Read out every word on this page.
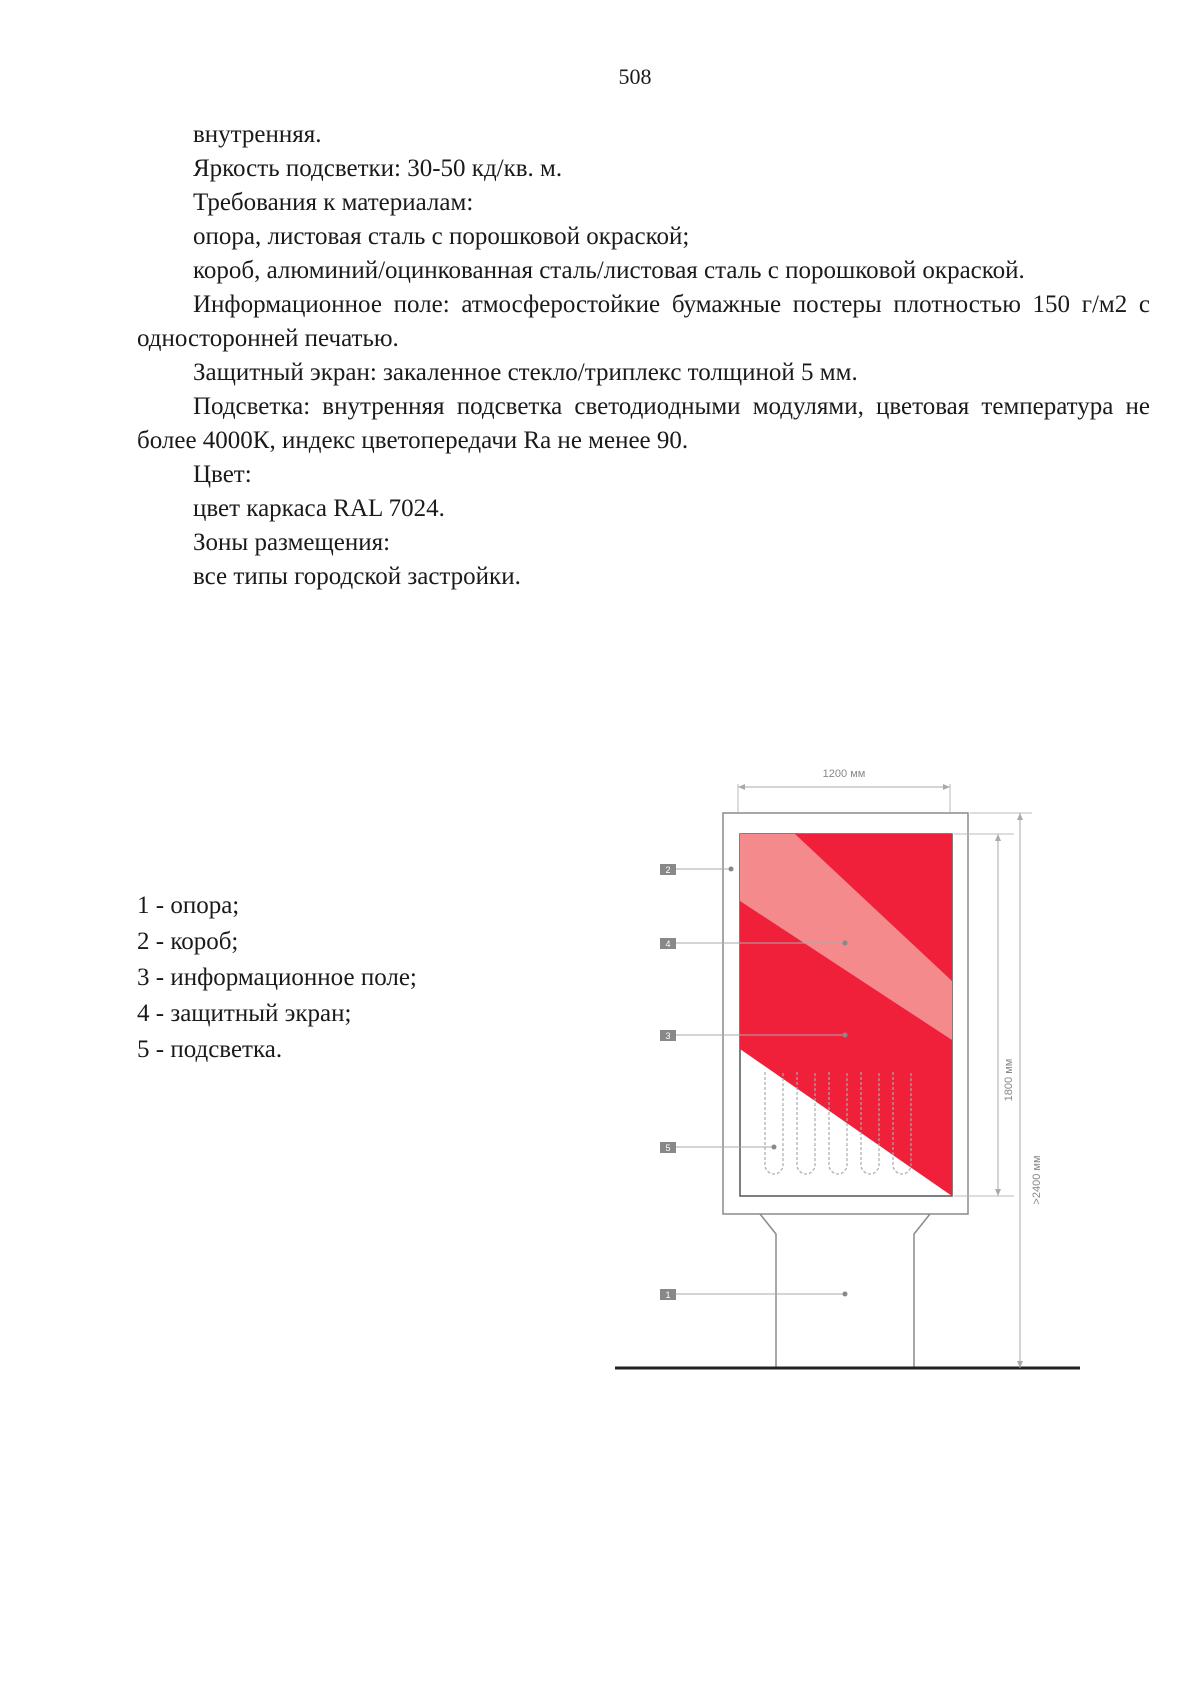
508

внутренняя.

Яркость подсветки: 30-50 кд/кв. м.

Требования к материалам:

опора, листовая сталь с порошковой окраской;

короб, алюминий/оцинкованная сталь/листовая сталь с порошковой окраской.

Информационное поле: атмосферостойкие бумажные постеры плотностью 150 г/м2 с односторонней печатью.

Защитный экран: закаленное стекло/триплекс толщиной 5 мм.

Подсветка: внутренняя подсветка светодиодными модулями, цветовая температура не более 4000К, индекс цветопередачи Ra не менее 90.

Цвет:

цвет каркаса RAL 7024.

Зоны размещения:

все типы городской застройки.

1 - опора;
2 - короб;
3 - информационное поле;
4 - защитный экран;
5 - подсветка.
1200 мм
1800 мм
>2400 мм
2
4
3
5
1
